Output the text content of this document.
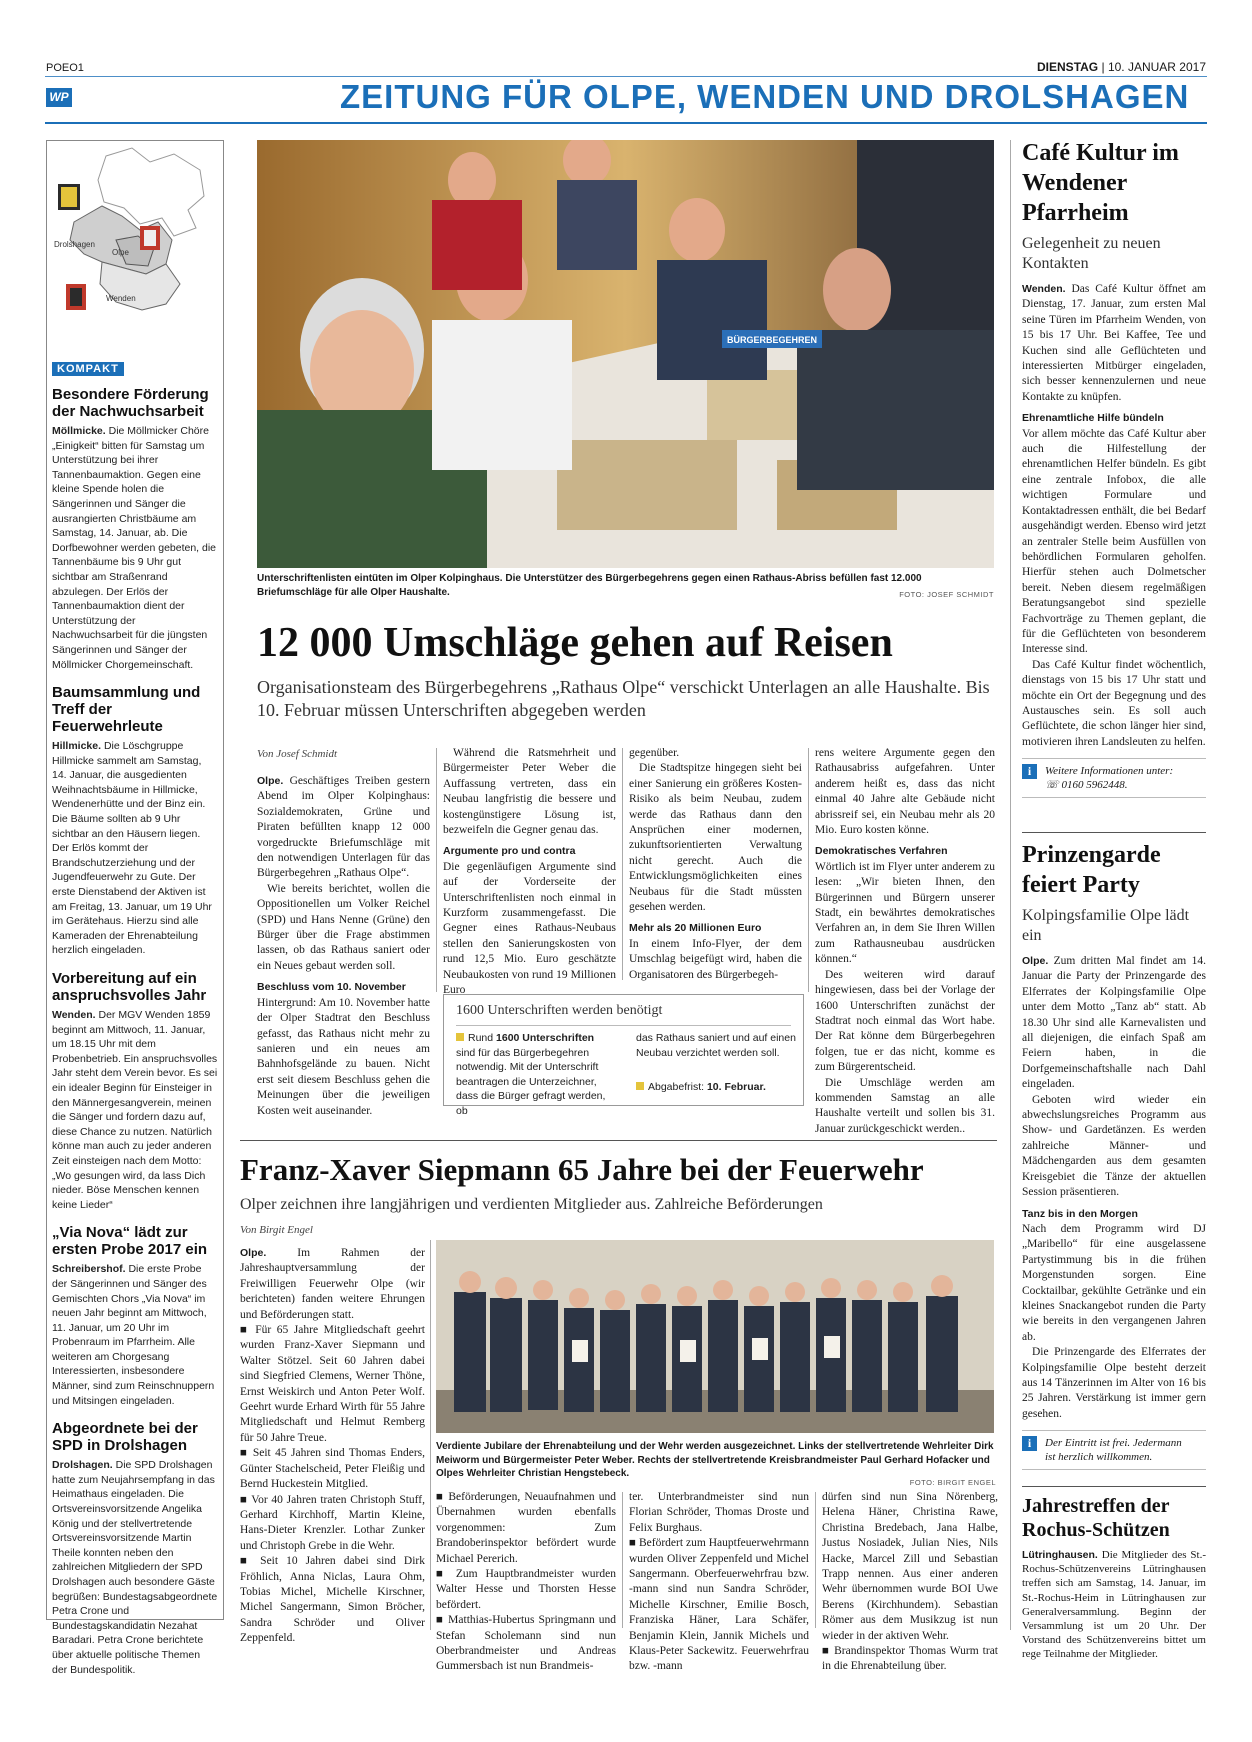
POEO1	DIENSTAG | 10. JANUAR 2017
WP	ZEITUNG FÜR OLPE, WENDEN UND DROLSHAGEN
Drolshagen
Olpe
Wenden
KOMPAKT
Besondere Förderung der Nachwuchsarbeit
Möllmicke. Die Möllmicker Chöre „Einigkeit“ bitten für Samstag um Unterstützung bei ihrer Tannenbaumaktion. Gegen eine kleine Spende holen die Sängerinnen und Sänger die ausrangierten Christbäume am Samstag, 14. Januar, ab. Die Dorfbewohner werden gebeten, die Tannenbäume bis 9 Uhr gut sichtbar am Straßenrand abzulegen. Der Erlös der Tannenbaumaktion dient der Unterstützung der Nachwuchsarbeit für die jüngsten Sängerinnen und Sänger der Möllmicker Chorgemeinschaft.
Baumsammlung und Treff der Feuerwehrleute
Hillmicke. Die Löschgruppe Hillmicke sammelt am Samstag, 14. Januar, die ausgedienten Weihnachtsbäume in Hillmicke, Wendenerhütte und der Binz ein. Die Bäume sollten ab 9 Uhr sichtbar an den Häusern liegen. Der Erlös kommt der Brandschutzerziehung und der Jugendfeuerwehr zu Gute. Der erste Dienstabend der Aktiven ist am Freitag, 13. Januar, um 19 Uhr im Gerätehaus. Hierzu sind alle Kameraden der Ehrenabteilung herzlich eingeladen.
Vorbereitung auf ein anspruchsvolles Jahr
Wenden. Der MGV Wenden 1859 beginnt am Mittwoch, 11. Januar, um 18.15 Uhr mit dem Probenbetrieb. Ein anspruchsvolles Jahr steht dem Verein bevor. Es sei ein idealer Beginn für Einsteiger in den Männergesangverein, meinen die Sänger und fordern dazu auf, diese Chance zu nutzen. Natürlich könne man auch zu jeder anderen Zeit einsteigen nach dem Motto: „Wo gesungen wird, da lass Dich nieder. Böse Menschen kennen keine Lieder“
„Via Nova“ lädt zur ersten Probe 2017 ein
Schreibershof. Die erste Probe der Sängerinnen und Sänger des Gemischten Chors „Via Nova“ im neuen Jahr beginnt am Mittwoch, 11. Januar, um 20 Uhr im Probenraum im Pfarrheim. Alle weiteren am Chorgesang Interessierten, insbesondere Männer, sind zum Reinschnuppern und Mitsingen eingeladen.
Abgeordnete bei der SPD in Drolshagen
Drolshagen. Die SPD Drolshagen hatte zum Neujahrsempfang in das Heimathaus eingeladen. Die Ortsvereinsvorsitzende Angelika König und der stellvertretende Ortsvereinsvorsitzende Martin Theile konnten neben den zahlreichen Mitgliedern der SPD Drolshagen auch besondere Gäste begrüßen: Bundestagsabgeordnete Petra Crone und Bundestagskandidatin Nezahat Baradari. Petra Crone berichtete über aktuelle politische Themen der Bundespolitik.
BÜRGERBEGEHREN
Unterschriftenlisten eintüten im Olper Kolpinghaus. Die Unterstützer des Bürgerbegehrens gegen einen Rathaus-Abriss befüllen fast 12.000 Briefumschläge für alle Olper Haushalte.	FOTO: JOSEF SCHMIDT
12 000 Umschläge gehen auf Reisen
Organisationsteam des Bürgerbegehrens „Rathaus Olpe“ verschickt Unterlagen an alle Haushalte. Bis 10. Februar müssen Unterschriften abgegeben werden
Von Josef Schmidt
Olpe. Geschäftiges Treiben gestern Abend im Olper Kolpinghaus: Sozialdemokraten, Grüne und Piraten befüllten knapp 12 000 vorgedruckte Briefumschläge mit den notwendigen Unterlagen für das Bürgerbegehren „Rathaus Olpe“.
Wie bereits berichtet, wollen die Oppositionellen um Volker Reichel (SPD) und Hans Nenne (Grüne) den Bürger über die Frage abstimmen lassen, ob das Rathaus saniert oder ein Neues gebaut werden soll.
Beschluss vom 10. November
Hintergrund: Am 10. November hatte der Olper Stadtrat den Beschluss gefasst, das Rathaus nicht mehr zu sanieren und ein neues am Bahnhofsgelände zu bauen. Nicht erst seit diesem Beschluss gehen die Meinungen über die jeweiligen Kosten weit auseinander.
Während die Ratsmehrheit und Bürgermeister Peter Weber die Auffassung vertreten, dass ein Neubau langfristig die bessere und kostengünstigere Lösung ist, bezweifeln die Gegner genau das.
Argumente pro und contra
Die gegenläufigen Argumente sind auf der Vorderseite der Unterschriftenlisten noch einmal in Kurzform zusammengefasst. Die Gegner eines Rathaus-Neubaus stellen den Sanierungskosten von rund 12,5 Mio. Euro geschätzte Neubaukosten von rund 19 Millionen Euro
gegenüber.
Die Stadtspitze hingegen sieht bei einer Sanierung ein größeres Kosten-Risiko als beim Neubau, zudem werde das Rathaus dann den Ansprüchen einer modernen, zukunftsorientierten Verwaltung nicht gerecht. Auch die Entwicklungsmöglichkeiten eines Neubaus für die Stadt müssten gesehen werden.
Mehr als 20 Millionen Euro
In einem Info-Flyer, der dem Umschlag beigefügt wird, haben die Organisatoren des Bürgerbegeh-
rens weitere Argumente gegen den Rathausabriss aufgefahren. Unter anderem heißt es, dass das nicht einmal 40 Jahre alte Gebäude nicht abrissreif sei, ein Neubau mehr als 20 Mio. Euro kosten könne.
Demokratisches Verfahren
Wörtlich ist im Flyer unter anderem zu lesen: „Wir bieten Ihnen, den Bürgerinnen und Bürgern unserer Stadt, ein bewährtes demokratisches Verfahren an, in dem Sie Ihren Willen zum Rathausneubau ausdrücken können.“
Des weiteren wird darauf hingewiesen, dass bei der Vorlage der 1600 Unterschriften zunächst der Stadtrat noch einmal das Wort habe. Der Rat könne dem Bürgerbegehren folgen, tue er das nicht, komme es zum Bürgerentscheid.
Die Umschläge werden am kommenden Samstag an alle Haushalte verteilt und sollen bis 31. Januar zurückgeschickt werden..
1600 Unterschriften werden benötigt
Rund 1600 Unterschriften sind für das Bürgerbegehren notwendig. Mit der Unterschrift beantragen die Unterzeichner, dass die Bürger gefragt werden, ob
das Rathaus saniert und auf einen Neubau verzichtet werden soll.
Abgabefrist: 10. Februar.
Franz-Xaver Siepmann 65 Jahre bei der Feuerwehr
Olper zeichnen ihre langjährigen und verdienten Mitglieder aus. Zahlreiche Beförderungen
Von Birgit Engel
Olpe.	Im Rahmen der Jahreshauptversammlung der Freiwilligen Feuerwehr Olpe (wir berichteten) fanden weitere Ehrungen und Beförderungen statt.
■ Für 65 Jahre Mitgliedschaft geehrt wurden Franz-Xaver Siepmann und Walter Stötzel. Seit 60 Jahren dabei sind Siegfried Clemens, Werner Thöne, Ernst Weiskirch und Anton Peter Wolf. Geehrt wurde Erhard Wirth für 55 Jahre Mitgliedschaft und Helmut Remberg für 50 Jahre Treue.
■ Seit 45 Jahren sind Thomas Enders, Günter Stachelscheid, Peter Fleißig und Bernd Huckestein Mitglied.
■ Vor 40 Jahren traten Christoph Stuff, Gerhard Kirchhoff, Martin Kleine, Hans-Dieter Krenzler. Lothar Zunker und Christoph Grebe in die Wehr.
■ Seit 10 Jahren dabei sind Dirk Fröhlich, Anna Niclas, Laura Ohm, Tobias Michel, Michelle Kirschner, Michel Sangermann, Simon Bröcher, Sandra Schröder und Oliver Zeppenfeld.
Verdiente Jubilare der Ehrenabteilung und der Wehr werden ausgezeichnet. Links der stellvertretende Wehrleiter Dirk Meiworm und Bürgermeister Peter Weber. Rechts der stellvertretende Kreisbrandmeister Paul Gerhard Hofacker und Olpes Wehrleiter Christian Hengstebeck.
FOTO: BIRGIT ENGEL
■ Beförderungen, Neuaufnahmen und Übernahmen wurden ebenfalls vorgenommen: Zum Brandoberinspektor befördert wurde Michael Pererich.
■ Zum Hauptbrandmeister wurden Walter Hesse und Thorsten Hesse befördert.
■ Matthias-Hubertus Springmann und Stefan Scholemann sind nun Oberbrandmeister und Andreas Gummersbach ist nun Brandmeis-
ter. Unterbrandmeister sind nun Florian Schröder, Thomas Droste und Felix Burghaus.
■ Befördert zum Hauptfeuerwehrmann wurden Oliver Zeppenfeld und Michel Sangermann. Oberfeuerwehrfrau bzw. -mann sind nun Sandra Schröder, Michelle Kirschner, Emilie Bosch, Franziska Häner, Lara Schäfer, Benjamin Klein, Jannik Michels und Klaus-Peter Sackewitz. Feuerwehrfrau bzw. -mann
dürfen sind nun Sina Nörenberg, Helena Häner, Christina Rawe, Christina Bredebach, Jana Halbe, Justus Nosiadek, Julian Nies, Nils Hacke, Marcel Zill und Sebastian Trapp nennen. Aus einer anderen Wehr übernommen wurde BOI Uwe Berens (Kirchhundem). Sebastian Römer aus dem Musikzug ist nun wieder in der aktiven Wehr.
■ Brandinspektor Thomas Wurm trat in die Ehrenabteilung über.
Café Kultur im Wendener Pfarrheim
Gelegenheit zu neuen Kontakten
Wenden. Das Café Kultur öffnet am Dienstag, 17. Januar, zum ersten Mal seine Türen im Pfarrheim Wenden, von 15 bis 17 Uhr. Bei Kaffee, Tee und Kuchen sind alle Geflüchteten und interessierten Mitbürger eingeladen, sich besser kennenzulernen und neue Kontakte zu knüpfen.
Ehrenamtliche Hilfe bündeln
Vor allem möchte das Café Kultur aber auch die Hilfestellung der ehrenamtlichen Helfer bündeln. Es gibt eine zentrale Infobox, die alle wichtigen Formulare und Kontaktadressen enthält, die bei Bedarf ausgehändigt werden. Ebenso wird jetzt an zentraler Stelle beim Ausfüllen von behördlichen Formularen geholfen. Hierfür stehen auch Dolmetscher bereit. Neben diesem regelmäßigen Beratungsangebot sind spezielle Fachvorträge zu Themen geplant, die für die Geflüchteten von besonderem Interesse sind.
Das Café Kultur findet wöchentlich, dienstags von 15 bis 17 Uhr statt und möchte ein Ort der Begegnung und des Austausches sein. Es soll auch Geflüchtete, die schon länger hier sind, motivieren ihren Landsleuten zu helfen.
i	Weitere Informationen unter:
☏ 0160 5962448.
Prinzengarde feiert Party
Kolpingsfamilie Olpe lädt ein
Olpe. Zum dritten Mal findet am 14. Januar die Party der Prinzengarde des Elferrates der Kolpingsfamilie Olpe unter dem Motto „Tanz ab“ statt. Ab 18.30 Uhr sind alle Karnevalisten und all diejenigen, die einfach Spaß am Feiern haben, in die Dorfgemeinschaftshalle nach Dahl eingeladen.
Geboten wird wieder ein abwechslungsreiches Programm aus Show- und Gardetänzen. Es werden zahlreiche Männer- und Mädchengarden aus dem gesamten Kreisgebiet die Tänze der aktuellen Session präsentieren.
Tanz bis in den Morgen
Nach dem Programm wird DJ „Maribello“ für eine ausgelassene Partystimmung bis in die frühen Morgenstunden sorgen. Eine Cocktailbar, gekühlte Getränke und ein kleines Snackangebot runden die Party wie bereits in den vergangenen Jahren ab.
Die Prinzengarde des Elferrates der Kolpingsfamilie Olpe besteht derzeit aus 14 Tänzerinnen im Alter von 16 bis 25 Jahren. Verstärkung ist immer gern gesehen.
i	Der Eintritt ist frei. Jedermann
ist herzlich willkommen.
Jahrestreffen der Rochus-Schützen
Lütringhausen. Die Mitglieder des St.-Rochus-Schützenvereins Lütringhausen treffen sich am Samstag, 14. Januar, im St.-Rochus-Heim in Lütringhausen zur Generalversammlung. Beginn der Versammlung ist um 20 Uhr. Der Vorstand des Schützenvereins bittet um rege Teilnahme der Mitglieder.
